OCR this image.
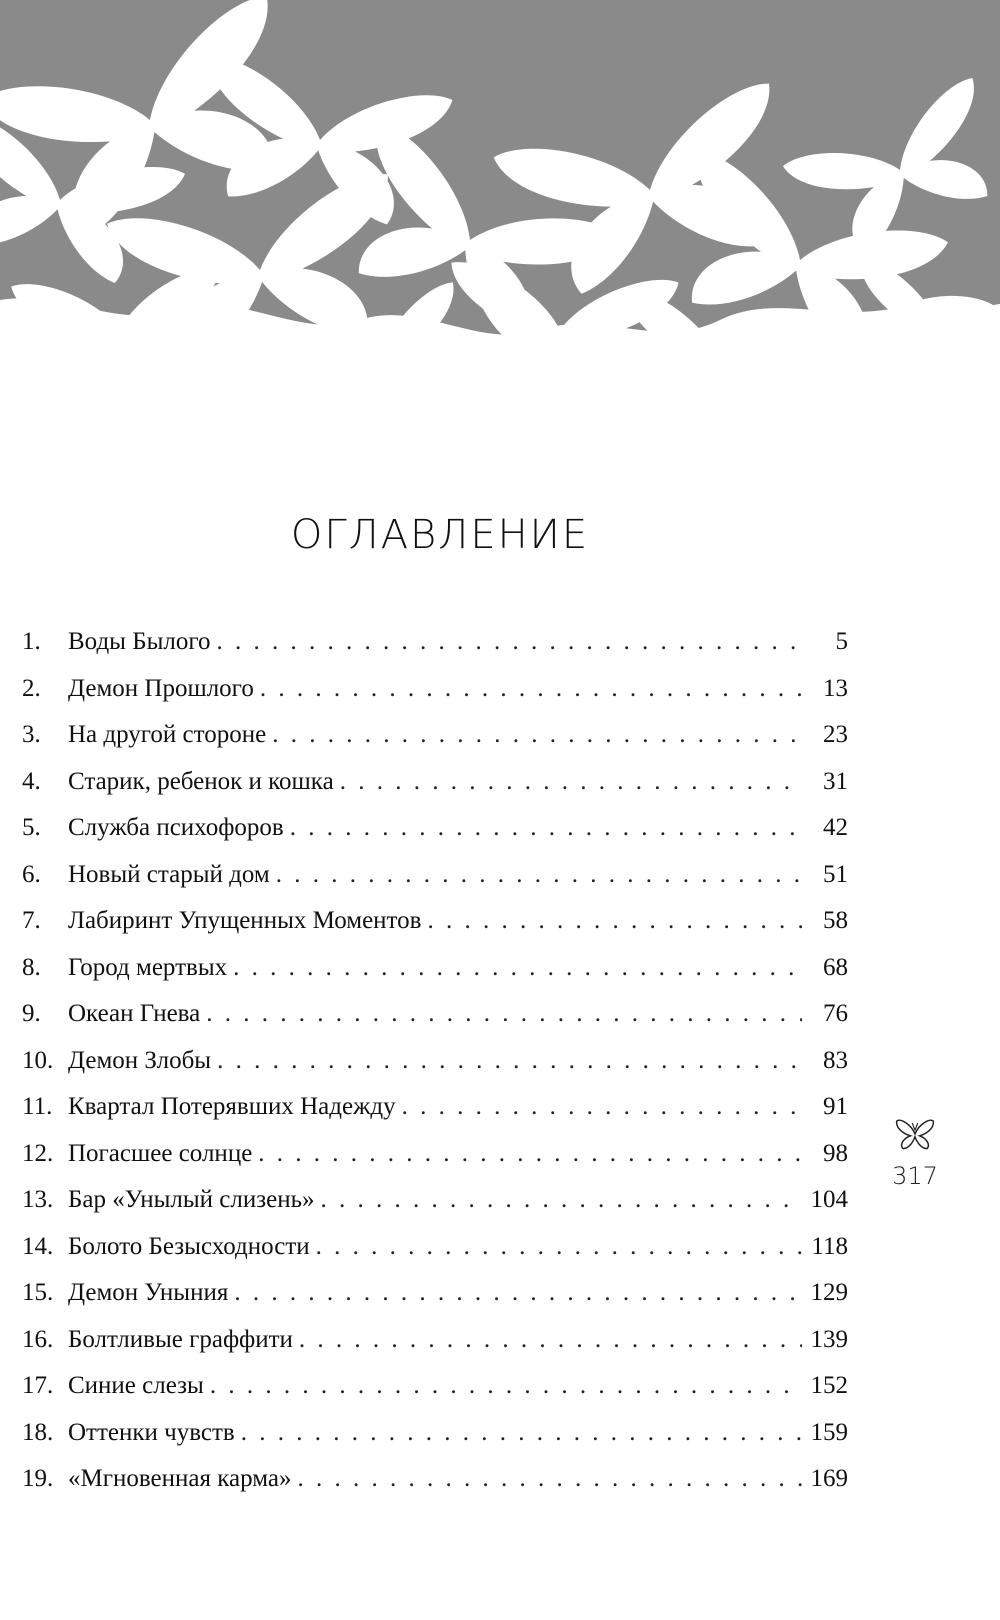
ОГЛАВЛЕНИЕ
1.	Воды Былого . . .	5
2.	Демон Прошлого . . .	13
3.	На другой стороне . . .	23
4.	Старик, ребенок и кошка . . .	31
5.	Служба психофоров . . .	42
6.	Новый старый дом . . .	51
7.	Лабиринт Упущенных Моментов . . .	58
8.	Город мертвых . . .	68
9.	Океан Гнева . . .	76
10. Демон Злобы . . .	83
11. Квартал Потерявших Надежду . . .	91
12. Погасшее солнце . . .	98
13. Бар «Унылый слизень» . . .	104
14. Болото Безысходности . . .	118
15. Демон Уныния . . .	129
16. Болтливые граффити . . .	139
17. Синие слезы . . .	152
18. Оттенки чувств . . .	159
19. «Мгновенная карма» . . .	169
317
